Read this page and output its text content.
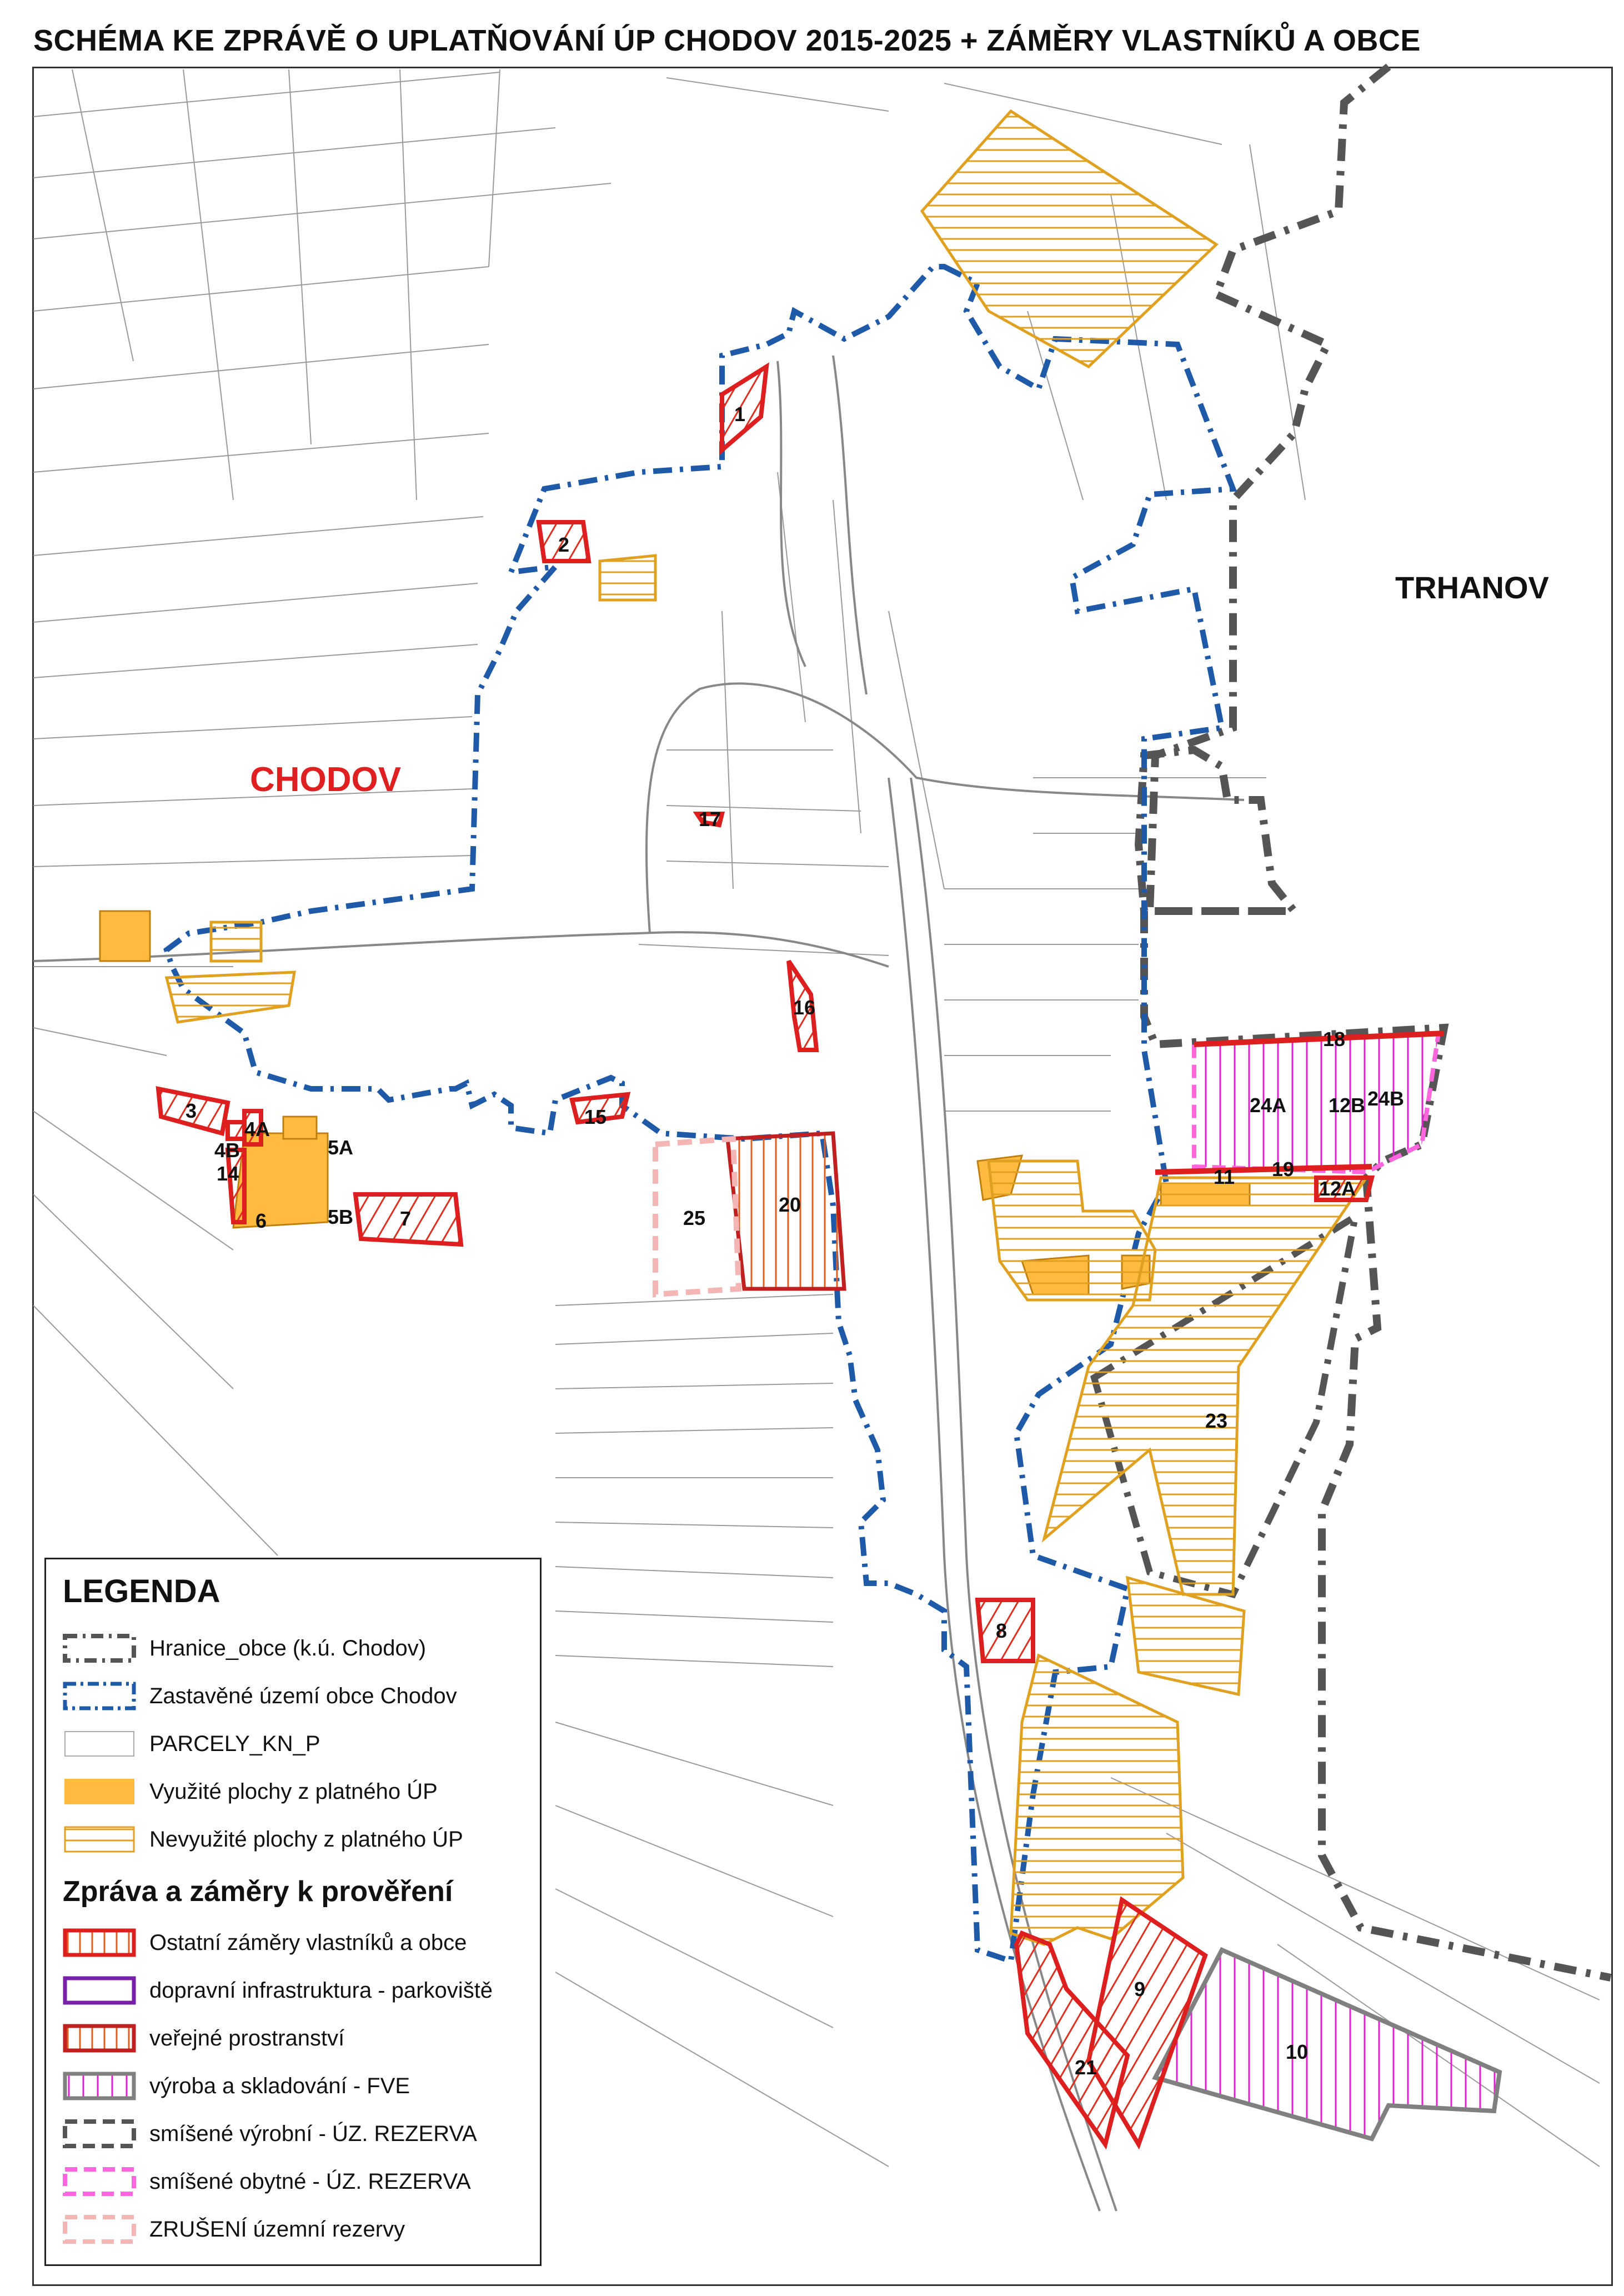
SCHÉMA KE ZPRÁVĚ O UPLATŇOVÁNÍ ÚP CHODOV 2015-2025 + ZÁMĚRY VLASTNÍKŮ A OBCE
1
2
3
4A
4B
14
5A
5B
6	7
15
16
17
18
19
11
12A
12B
20
24A	24B
25
23
8
9
21
10
CHODOV
TRHANOV
LEGENDA
Hranice_obce (k.ú. Chodov)
Zastavěné území obce Chodov
PARCELY_KN_P
Využité plochy z platného ÚP
Nevyužité plochy z platného ÚP
Zpráva a záměry k prověření
Ostatní záměry vlastníků a obce
dopravní infrastruktura - parkoviště
veřejné prostranství
výroba a skladování - FVE
smíšené výrobní - ÚZ. REZERVA
smíšené obytné - ÚZ. REZERVA
ZRUŠENÍ územní rezervy
